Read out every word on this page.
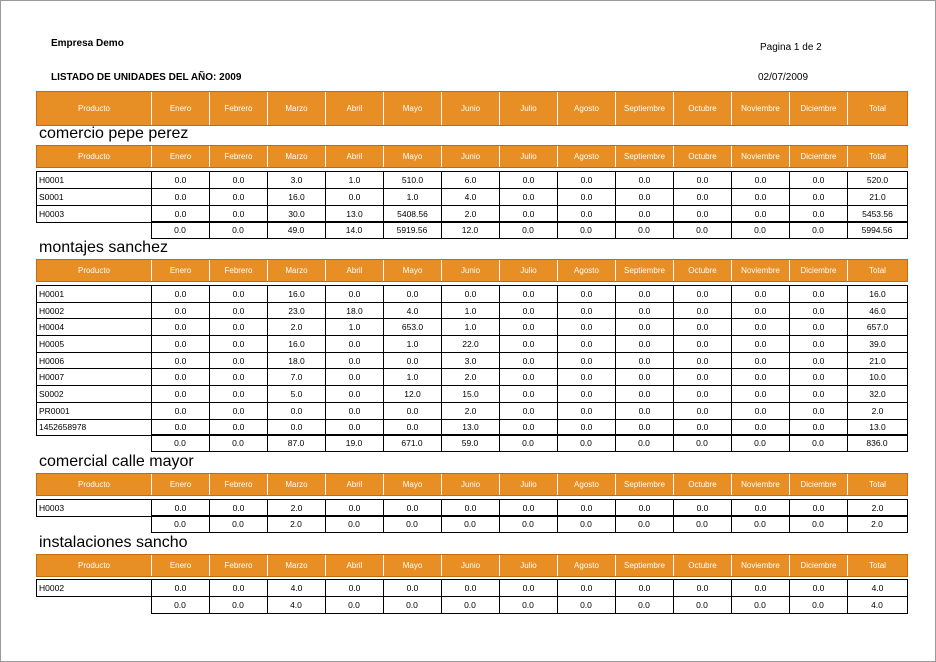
Empresa Demo	Pagina 1 de 2
LISTADO DE UNIDADES DEL AÑO: 2009	02/07/2009
Producto	Enero	Febrero	Marzo	Abril	Mayo	Junio	Julio	Agosto	Septiembre	Octubre	Noviembre	Diciembre	Total
comercio pepe perez
Producto	Enero	Febrero	Marzo	Abril	Mayo	Junio	Julio	Agosto	Septiembre	Octubre	Noviembre	Diciembre	Total
H0001	0.0	0.0	3.0	1.0	510.0	6.0	0.0	0.0	0.0	0.0	0.0	0.0	520.0
S0001	0.0	0.0	16.0	0.0	1.0	4.0	0.0	0.0	0.0	0.0	0.0	0.0	21.0
H0003	0.0	0.0	30.0	13.0	5408.56	2.0	0.0	0.0	0.0	0.0	0.0	0.0	5453.56
	0.0	0.0	49.0	14.0	5919.56	12.0	0.0	0.0	0.0	0.0	0.0	0.0	5994.56
montajes sanchez
Producto	Enero	Febrero	Marzo	Abril	Mayo	Junio	Julio	Agosto	Septiembre	Octubre	Noviembre	Diciembre	Total
H0001	0.0	0.0	16.0	0.0	0.0	0.0	0.0	0.0	0.0	0.0	0.0	0.0	16.0
H0002	0.0	0.0	23.0	18.0	4.0	1.0	0.0	0.0	0.0	0.0	0.0	0.0	46.0
H0004	0.0	0.0	2.0	1.0	653.0	1.0	0.0	0.0	0.0	0.0	0.0	0.0	657.0
H0005	0.0	0.0	16.0	0.0	1.0	22.0	0.0	0.0	0.0	0.0	0.0	0.0	39.0
H0006	0.0	0.0	18.0	0.0	0.0	3.0	0.0	0.0	0.0	0.0	0.0	0.0	21.0
H0007	0.0	0.0	7.0	0.0	1.0	2.0	0.0	0.0	0.0	0.0	0.0	0.0	10.0
S0002	0.0	0.0	5.0	0.0	12.0	15.0	0.0	0.0	0.0	0.0	0.0	0.0	32.0
PR0001	0.0	0.0	0.0	0.0	0.0	2.0	0.0	0.0	0.0	0.0	0.0	0.0	2.0
1452658978	0.0	0.0	0.0	0.0	0.0	13.0	0.0	0.0	0.0	0.0	0.0	0.0	13.0
	0.0	0.0	87.0	19.0	671.0	59.0	0.0	0.0	0.0	0.0	0.0	0.0	836.0
comercial calle mayor
Producto	Enero	Febrero	Marzo	Abril	Mayo	Junio	Julio	Agosto	Septiembre	Octubre	Noviembre	Diciembre	Total
H0003	0.0	0.0	2.0	0.0	0.0	0.0	0.0	0.0	0.0	0.0	0.0	0.0	2.0
	0.0	0.0	2.0	0.0	0.0	0.0	0.0	0.0	0.0	0.0	0.0	0.0	2.0
instalaciones sancho
Producto	Enero	Febrero	Marzo	Abril	Mayo	Junio	Julio	Agosto	Septiembre	Octubre	Noviembre	Diciembre	Total
H0002	0.0	0.0	4.0	0.0	0.0	0.0	0.0	0.0	0.0	0.0	0.0	0.0	4.0
	0.0	0.0	4.0	0.0	0.0	0.0	0.0	0.0	0.0	0.0	0.0	0.0	4.0
